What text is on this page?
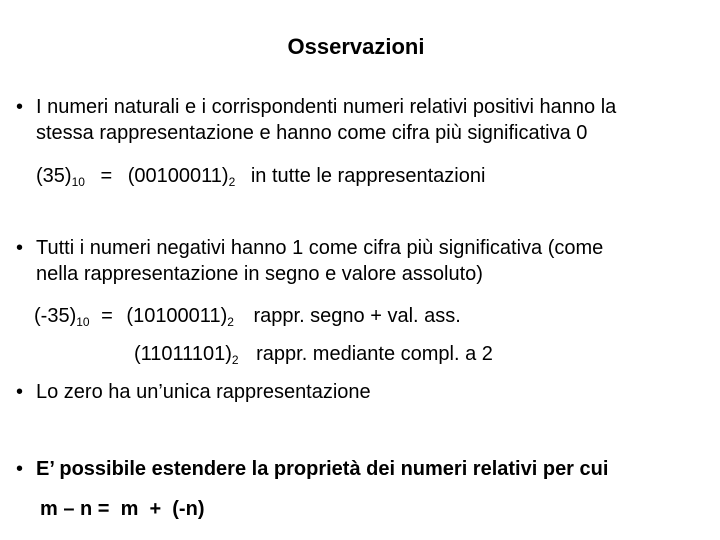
Osservazioni
• I numeri naturali e i corrispondenti numeri relativi positivi hanno la
stessa rappresentazione e hanno come cifra più significativa 0
$(35)_{10} = (00100011)_2$ in tutte le rappresentazioni
• Tutti i numeri negativi hanno 1 come cifra più significativa (come
nella rappresentazione in segno e valore assoluto)
$(-35)_{10} = (10100011)_2$ rappr. segno + val. ass.
$(11011101)_2$ rappr. mediante compl. a 2
• Lo zero ha un’unica rappresentazione
• E’ possibile estendere la proprietà dei numeri relativi per cui
m – n =  m  +  (-n)
